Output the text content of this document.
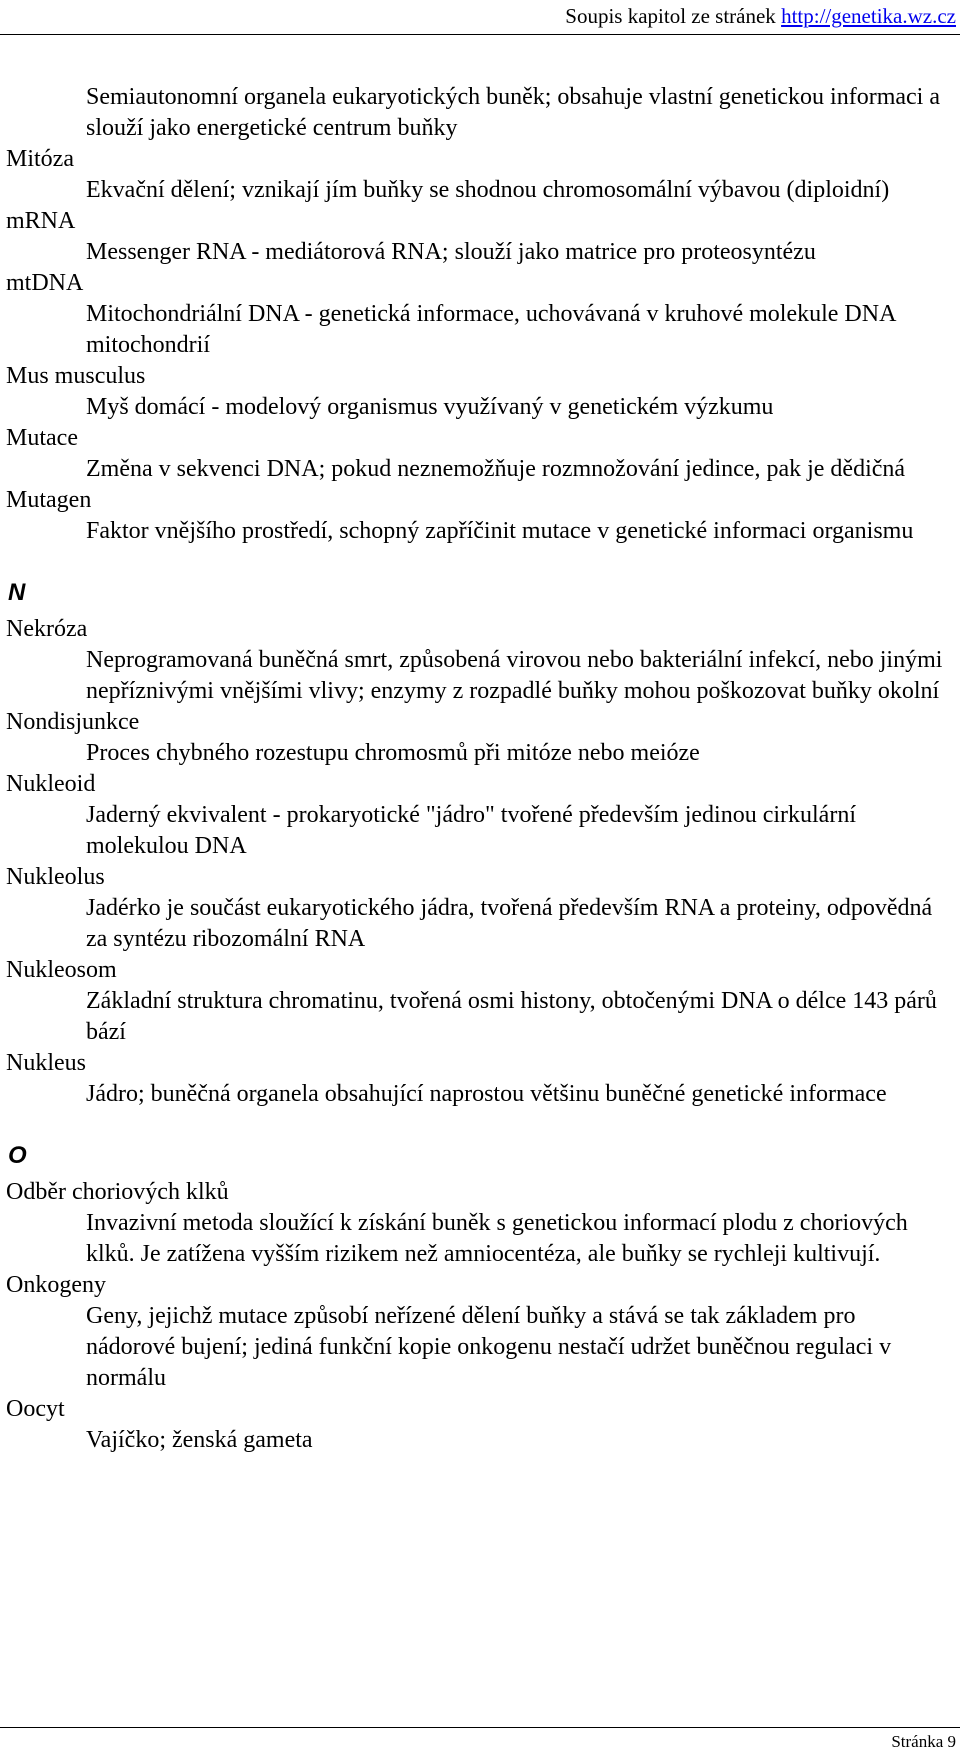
Soupis kapitol ze stránek http://genetika.wz.cz

Semiautonomní organela eukaryotických buněk; obsahuje vlastní genetickou informaci a slouží jako energetické centrum buňky

Mitóza

Ekvační dělení; vznikají jím buňky se shodnou chromosomální výbavou (diploidní)

mRNA

Messenger RNA - mediátorová RNA; slouží jako matrice pro proteosyntézu

mtDNA

Mitochondriální DNA - genetická informace, uchovávaná v kruhové molekule DNA mitochondrií

Mus musculus

Myš domácí - modelový organismus využívaný v genetickém výzkumu

Mutace

Změna v sekvenci DNA; pokud neznemožňuje rozmnožování jedince, pak je dědičná

Mutagen

Faktor vnějšího prostředí, schopný zapříčinit mutace v genetické informaci organismu

N

Nekróza

Neprogramovaná buněčná smrt, způsobená virovou nebo bakteriální infekcí, nebo jinými nepříznivými vnějšími vlivy; enzymy z rozpadlé buňky mohou poškozovat buňky okolní

Nondisjunkce

Proces chybného rozestupu chromosmů při mitóze nebo meióze

Nukleoid

Jaderný ekvivalent - prokaryotické "jádro" tvořené především jedinou cirkulární molekulou DNA

Nukleolus

Jadérko je součást eukaryotického jádra, tvořená především RNA a proteiny, odpovědná za syntézu ribozomální RNA

Nukleosom

Základní struktura chromatinu, tvořená osmi histony, obtočenými DNA o délce 143 párů bází

Nukleus

Jádro; buněčná organela obsahující naprostou většinu buněčné genetické informace

O

Odběr choriových klků

Invazivní metoda sloužící k získání buněk s genetickou informací plodu z choriových klků. Je zatížena vyšším rizikem než amniocentéza, ale buňky se rychleji kultivují.

Onkogeny

Geny, jejichž mutace způsobí neřízené dělení buňky a stává se tak základem pro nádorové bujení; jediná funkční kopie onkogenu nestačí udržet buněčnou regulaci v normálu

Oocyt

Vajíčko; ženská gameta

Stránka 9
